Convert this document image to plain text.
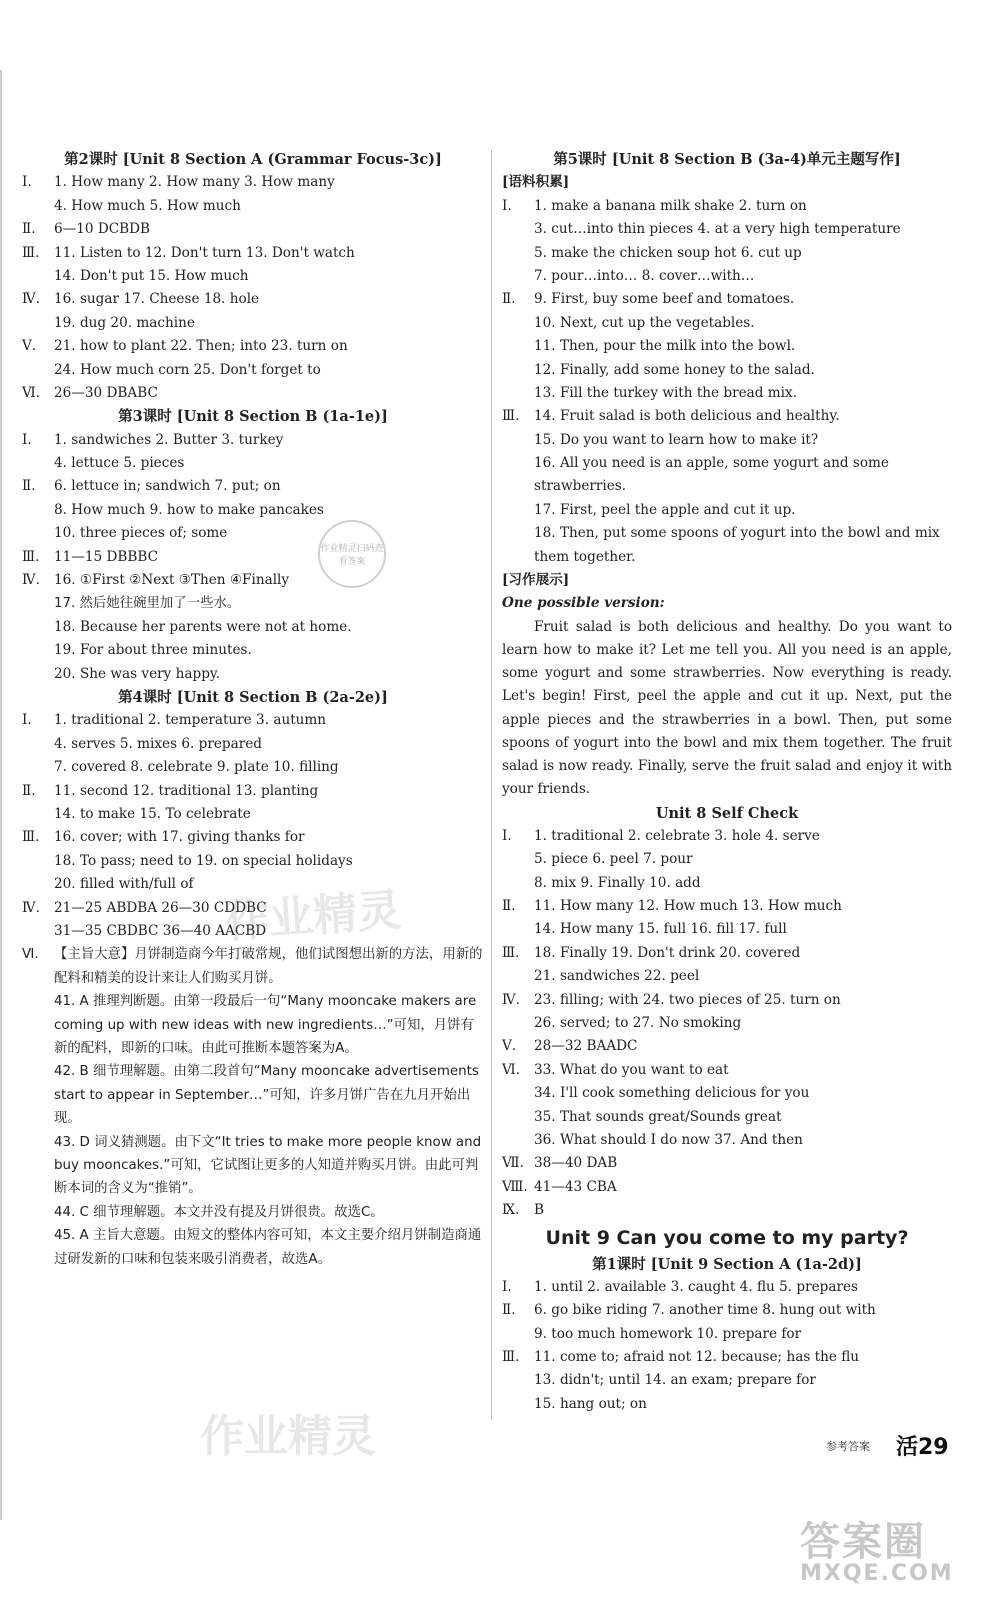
第2课时 [Unit 8 Section A (Grammar Focus-3c)]
Ⅰ. 1. How many 2. How many 3. How many
4. How much 5. How much
Ⅱ. 6—10 DCBDB
Ⅲ. 11. Listen to 12. Don't turn 13. Don't watch
14. Don't put 15. How much
Ⅳ. 16. sugar 17. Cheese 18. hole
19. dug 20. machine
Ⅴ. 21. how to plant 22. Then; into 23. turn on
24. How much corn 25. Don't forget to
Ⅵ. 26—30 DBABC
第3课时 [Unit 8 Section B (1a-1e)]
Ⅰ. 1. sandwiches 2. Butter 3. turkey
4. lettuce 5. pieces
Ⅱ. 6. lettuce in; sandwich 7. put; on
8. How much 9. how to make pancakes
10. three pieces of; some
Ⅲ. 11—15 DBBBC
Ⅳ. 16. ①First ②Next ③Then ④Finally
17. 然后她往碗里加了一些水。
18. Because her parents were not at home.
19. For about three minutes.
20. She was very happy.
第4课时 [Unit 8 Section B (2a-2e)]
Ⅰ. 1. traditional 2. temperature 3. autumn
4. serves 5. mixes 6. prepared
7. covered 8. celebrate 9. plate 10. filling
Ⅱ. 11. second 12. traditional 13. planting
14. to make 15. To celebrate
Ⅲ. 16. cover; with 17. giving thanks for
18. To pass; need to 19. on special holidays
20. filled with/full of
Ⅳ. 21—25 ABDBA 26—30 CDDBC
31—35 CBDBC 36—40 AACBD
Ⅵ. 【主旨大意】月饼制造商今年打破常规，他们试图想出新的方法，用新的配料和精美的设计来让人们购买月饼。
41. A 推理判断题。由第一段最后一句“Many mooncake makers are coming up with new ideas with new ingredients…”可知，月饼有新的配料，即新的口味。由此可推断本题答案为A。
42. B 细节理解题。由第二段首句“Many mooncake advertisements start to appear in September…”可知，许多月饼广告在九月开始出现。
43. D 词义猜测题。由下文“It tries to make more people know and buy mooncakes.”可知，它试图让更多的人知道并购买月饼。由此可判断本词的含义为“推销”。
44. C 细节理解题。本文并没有提及月饼很贵。故选C。
45. A 主旨大意题。由短文的整体内容可知，本文主要介绍月饼制造商通过研发新的口味和包装来吸引消费者，故选A。
第5课时 [Unit 8 Section B (3a-4)单元主题写作]
[语料积累]
Ⅰ. 1. make a banana milk shake 2. turn on
3. cut…into thin pieces 4. at a very high temperature
5. make the chicken soup hot 6. cut up
7. pour…into… 8. cover…with…
Ⅱ. 9. First, buy some beef and tomatoes.
10. Next, cut up the vegetables.
11. Then, pour the milk into the bowl.
12. Finally, add some honey to the salad.
13. Fill the turkey with the bread mix.
Ⅲ. 14. Fruit salad is both delicious and healthy.
15. Do you want to learn how to make it?
16. All you need is an apple, some yogurt and some strawberries.
17. First, peel the apple and cut it up.
18. Then, put some spoons of yogurt into the bowl and mix them together.
[习作展示]
One possible version:
Fruit salad is both delicious and healthy. Do you want to learn how to make it? Let me tell you. All you need is an apple, some yogurt and some strawberries. Now everything is ready. Let's begin! First, peel the apple and cut it up. Next, put the apple pieces and the strawberries in a bowl. Then, put some spoons of yogurt into the bowl and mix them together. The fruit salad is now ready. Finally, serve the fruit salad and enjoy it with your friends.
Unit 8 Self Check
Ⅰ. 1. traditional 2. celebrate 3. hole 4. serve
5. piece 6. peel 7. pour
8. mix 9. Finally 10. add
Ⅱ. 11. How many 12. How much 13. How much
14. How many 15. full 16. fill 17. full
Ⅲ. 18. Finally 19. Don't drink 20. covered
21. sandwiches 22. peel
Ⅳ. 23. filling; with 24. two pieces of 25. turn on
26. served; to 27. No smoking
Ⅴ. 28—32 BAADC
Ⅵ. 33. What do you want to eat
34. I'll cook something delicious for you
35. That sounds great/Sounds great
36. What should I do now 37. And then
Ⅶ. 38—40 DAB
Ⅷ. 41—43 CBA
Ⅸ. B
Unit 9 Can you come to my party?
第1课时 [Unit 9 Section A (1a-2d)]
Ⅰ. 1. until 2. available 3. caught 4. flu 5. prepares
Ⅱ. 6. go bike riding 7. another time 8. hung out with
9. too much homework 10. prepare for
Ⅲ. 11. come to; afraid not 12. because; has the flu
13. didn't; until 14. an exam; prepare for
15. hang out; on
作业精灵
作业精灵
作业精灵扫码查看答案
答案圈
MXQE.COM
参考答案 活29
